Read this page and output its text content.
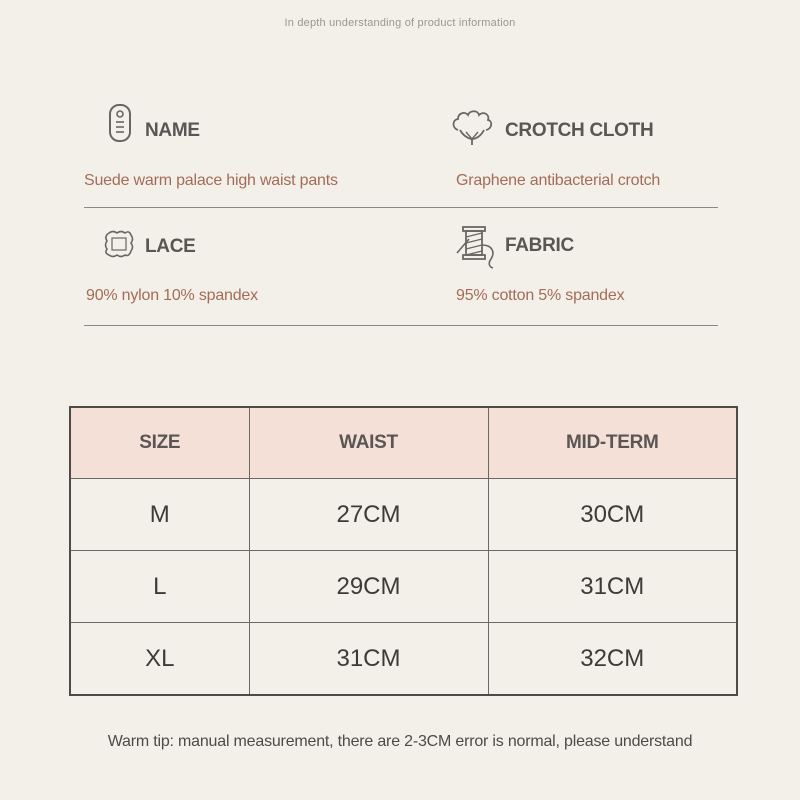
In depth understanding of product information
NAME
Suede warm palace high waist pants
CROTCH CLOTH
Graphene antibacterial crotch
LACE
90% nylon 10% spandex
FABRIC
95% cotton 5% spandex
SIZE	WAIST	MID-TERM
M	27CM	30CM
L	29CM	31CM
XL	31CM	32CM
Warm tip: manual measurement, there are 2-3CM error is normal, please understand
